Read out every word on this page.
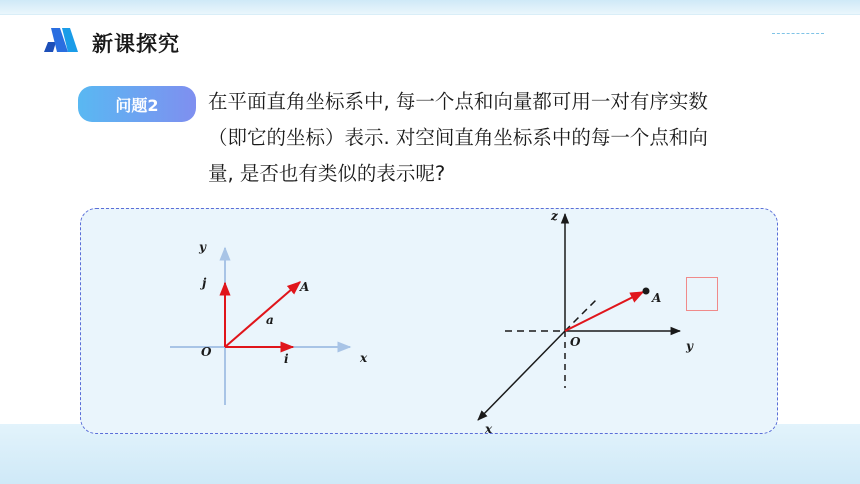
新课探究
问题2	在平面直角坐标系中, 每一个点和向量都可用一对有序实数
（即它的坐标）表示. 对空间直角坐标系中的每一个点和向
量, 是否也有类似的表示呢?
y
x
O
j
i
A
a
z
y
x
O
A
